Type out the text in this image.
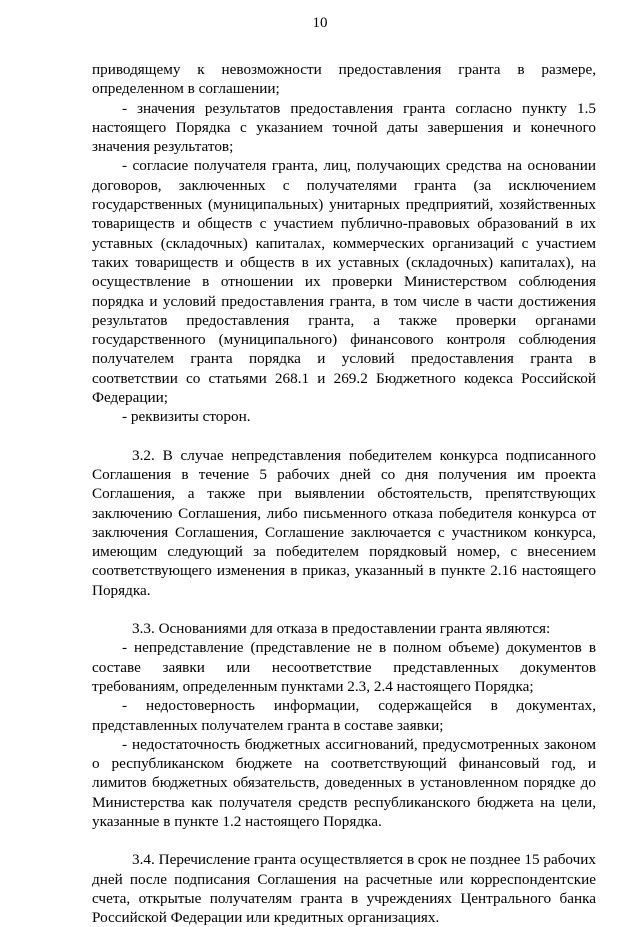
10

приводящему к невозможности предоставления гранта в размере, определенном в соглашении;

- значения результатов предоставления гранта согласно пункту 1.5 настоящего Порядка с указанием точной даты завершения и конечного значения результатов;

- согласие получателя гранта, лиц, получающих средства на основании договоров, заключенных с получателями гранта (за исключением государственных (муниципальных) унитарных предприятий, хозяйственных товариществ и обществ с участием публично-правовых образований в их уставных (складочных) капиталах, коммерческих организаций с участием таких товариществ и обществ в их уставных (складочных) капиталах), на осуществление в отношении их проверки Министерством соблюдения порядка и условий предоставления гранта, в том числе в части достижения результатов предоставления гранта, а также проверки органами государственного (муниципального) финансового контроля соблюдения получателем гранта порядка и условий предоставления гранта в соответствии со статьями 268.1 и 269.2 Бюджетного кодекса Российской Федерации;

- реквизиты сторон.

3.2. В случае непредставления победителем конкурса подписанного Соглашения в течение 5 рабочих дней со дня получения им проекта Соглашения, а также при выявлении обстоятельств, препятствующих заключению Соглашения, либо письменного отказа победителя конкурса от заключения Соглашения, Соглашение заключается с участником конкурса, имеющим следующий за победителем порядковый номер, с внесением соответствующего изменения в приказ, указанный в пункте 2.16 настоящего Порядка.

3.3. Основаниями для отказа в предоставлении гранта являются:

- непредставление (представление не в полном объеме) документов в составе заявки или несоответствие представленных документов требованиям, определенным пунктами 2.3, 2.4 настоящего Порядка;

- недостоверность информации, содержащейся в документах, представленных получателем гранта в составе заявки;

- недостаточность бюджетных ассигнований, предусмотренных законом о республиканском бюджете на соответствующий финансовый год, и лимитов бюджетных обязательств, доведенных в установленном порядке до Министерства как получателя средств республиканского бюджета на цели, указанные в пункте 1.2 настоящего Порядка.

3.4. Перечисление гранта осуществляется в срок не позднее 15 рабочих дней после подписания Соглашения на расчетные или корреспондентские счета, открытые получателям гранта в учреждениях Центрального банка Российской Федерации или кредитных организациях.
